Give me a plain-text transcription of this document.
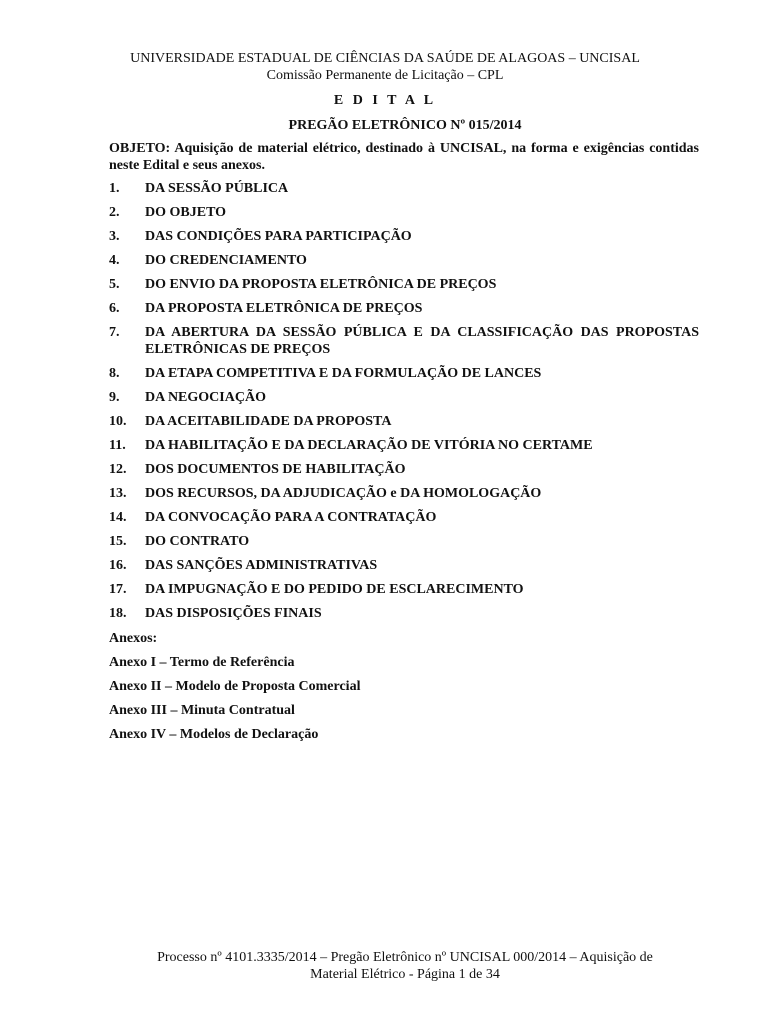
UNIVERSIDADE ESTADUAL DE CIÊNCIAS DA SAÚDE DE ALAGOAS – UNCISAL
Comissão Permanente de Licitação – CPL
E D I T A L
PREGÃO ELETRÔNICO Nº 015/2014
OBJETO: Aquisição de material elétrico, destinado à UNCISAL, na forma e exigências contidas neste Edital e seus anexos.
1.	DA SESSÃO PÚBLICA
2.	DO OBJETO
3.	DAS CONDIÇÕES PARA PARTICIPAÇÃO
4.	DO CREDENCIAMENTO
5.	DO ENVIO DA PROPOSTA ELETRÔNICA DE PREÇOS
6.	DA PROPOSTA ELETRÔNICA DE PREÇOS
7.	DA ABERTURA DA SESSÃO PÚBLICA E DA CLASSIFICAÇÃO DAS PROPOSTAS ELETRÔNICAS DE PREÇOS
8.	DA ETAPA COMPETITIVA E DA FORMULAÇÃO DE LANCES
9.	DA NEGOCIAÇÃO
10.	DA ACEITABILIDADE DA PROPOSTA
11.	DA HABILITAÇÃO E DA DECLARAÇÃO DE VITÓRIA NO CERTAME
12.	DOS DOCUMENTOS DE HABILITAÇÃO
13.	DOS RECURSOS, DA ADJUDICAÇÃO e DA HOMOLOGAÇÃO
14.	DA CONVOCAÇÃO PARA A CONTRATAÇÃO
15.	DO CONTRATO
16.	DAS SANÇÕES ADMINISTRATIVAS
17.	DA IMPUGNAÇÃO E DO PEDIDO DE ESCLARECIMENTO
18.	DAS DISPOSIÇÕES FINAIS
Anexos:
Anexo I – Termo de Referência
Anexo II – Modelo de Proposta Comercial
Anexo III – Minuta Contratual
Anexo IV – Modelos de Declaração
Processo nº 4101.3335/2014 – Pregão Eletrônico nº UNCISAL 000/2014 – Aquisição de
Material Elétrico - Página 1 de 34
